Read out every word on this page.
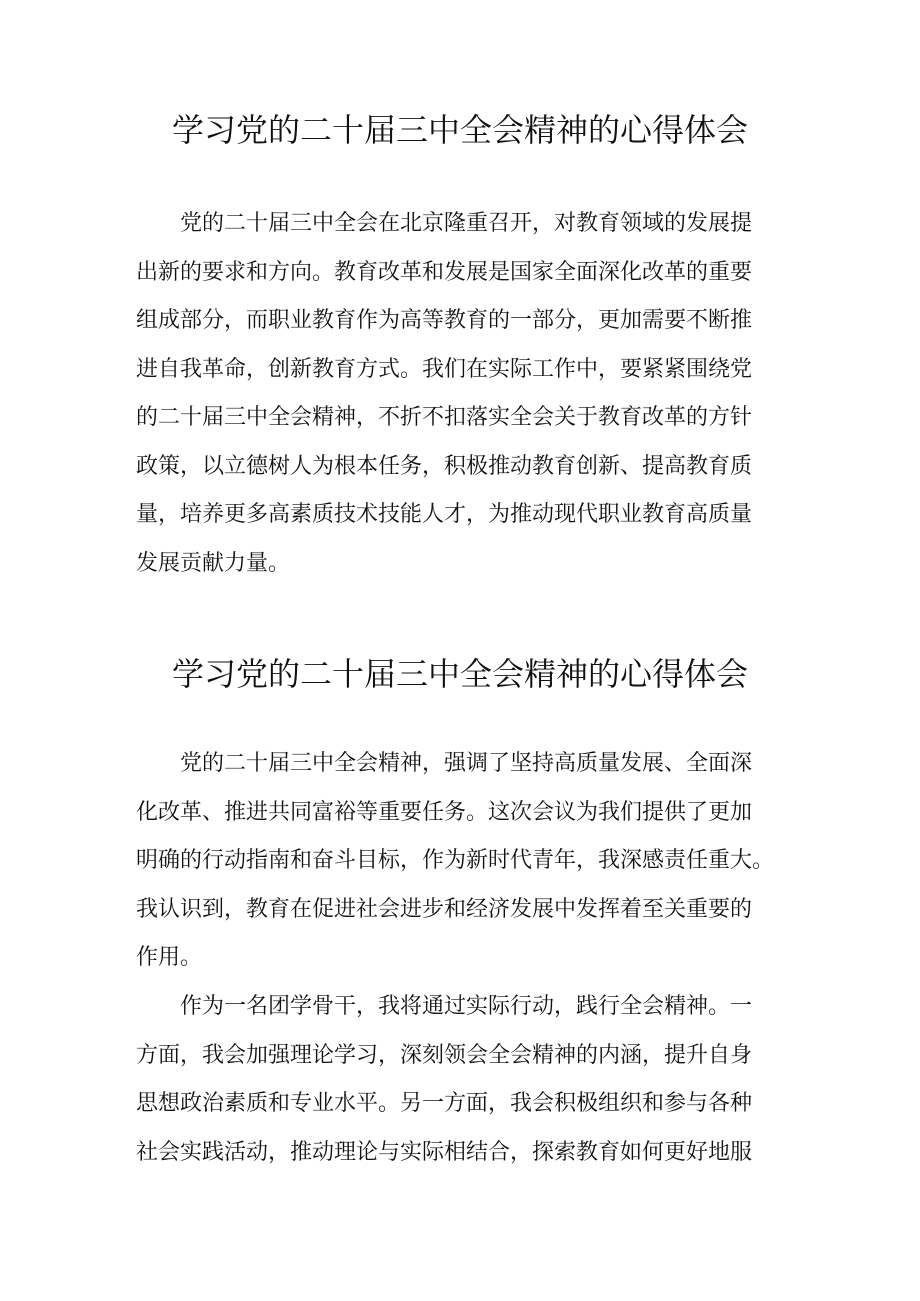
学习党的二十届三中全会精神的心得体会
　　党的二十届三中全会在北京隆重召开，对教育领域的发展提
出新的要求和方向。教育改革和发展是国家全面深化改革的重要
组成部分，而职业教育作为高等教育的一部分，更加需要不断推
进自我革命，创新教育方式。我们在实际工作中，要紧紧围绕党
的二十届三中全会精神，不折不扣落实全会关于教育改革的方针
政策，以立德树人为根本任务，积极推动教育创新、提高教育质
量，培养更多高素质技术技能人才，为推动现代职业教育高质量
发展贡献力量。
学习党的二十届三中全会精神的心得体会
　　党的二十届三中全会精神，强调了坚持高质量发展、全面深
化改革、推进共同富裕等重要任务。这次会议为我们提供了更加
明确的行动指南和奋斗目标，作为新时代青年，我深感责任重大。
我认识到，教育在促进社会进步和经济发展中发挥着至关重要的
作用。
　　作为一名团学骨干，我将通过实际行动，践行全会精神。一
方面，我会加强理论学习，深刻领会全会精神的内涵，提升自身
思想政治素质和专业水平。另一方面，我会积极组织和参与各种
社会实践活动，推动理论与实际相结合，探索教育如何更好地服
